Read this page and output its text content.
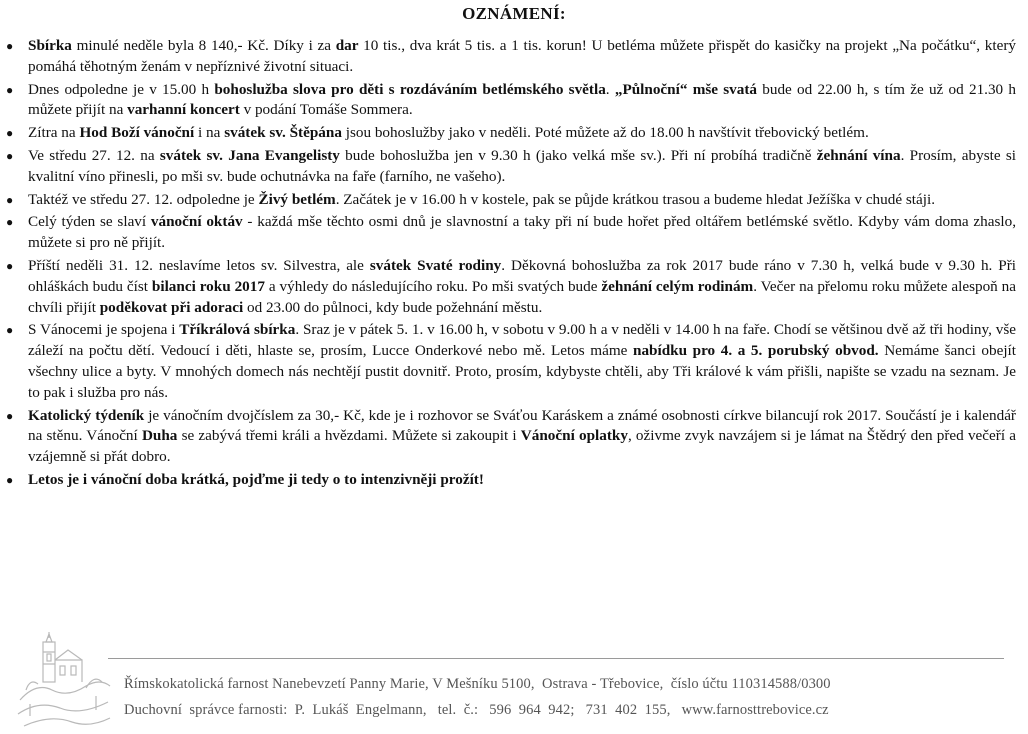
OZNÁMENÍ:
● Sbírka minulé neděle byla 8 140,- Kč. Díky i za dar 10 tis., dva krát 5 tis. a 1 tis. korun! U betléma můžete přispět do kasičky na projekt „Na počátku“, který pomáhá těhotným ženám v nepříznivé životní situaci.
● Dnes odpoledne je v 15.00 h bohoslužba slova pro děti s rozdáváním betlémského světla. „Půlnoční“ mše svatá bude od 22.00 h, s tím že už od 21.30 h můžete přijít na varhanní koncert v podání Tomáše Sommera.
● Zítra na Hod Boží vánoční i na svátek sv. Štěpána jsou bohoslužby jako v neděli. Poté můžete až do 18.00 h navštívit třebovický betlém.
● Ve středu 27. 12. na svátek sv. Jana Evangelisty bude bohoslužba jen v 9.30 h (jako velká mše sv.). Při ní probíhá tradičně žehnání vína. Prosím, abyste si kvalitní víno přinesli, po mši sv. bude ochutnávka na faře (farního, ne vašeho).
● Taktéž ve středu 27. 12. odpoledne je Živý betlém. Začátek je v 16.00 h v kostele, pak se půjde krátkou trasou a budeme hledat Ježíška v chudé stáji.
● Celý týden se slaví vánoční oktáv - každá mše těchto osmi dnů je slavnostní a taky při ní bude hořet před oltářem betlémské světlo. Kdyby vám doma zhaslo, můžete si pro ně přijít.
● Příští neděli 31. 12. neslavíme letos sv. Silvestra, ale svátek Svaté rodiny. Děkovná bohoslužba za rok 2017 bude ráno v 7.30 h, velká bude v 9.30 h. Při ohláškách budu číst bilanci roku 2017 a výhledy do následujícího roku. Po mši svatých bude žehnání celým rodinám. Večer na přelomu roku můžete alespoň na chvíli přijít poděkovat při adoraci od 23.00 do půlnoci, kdy bude požehnání městu.
● S Vánocemi je spojena i Tříkrálová sbírka. Sraz je v pátek 5. 1. v 16.00 h, v sobotu v 9.00 h a v neděli v 14.00 h na faře. Chodí se většinou dvě až tři hodiny, vše záleží na počtu dětí. Vedoucí i děti, hlaste se, prosím, Lucce Onderkové nebo mě. Letos máme nabídku pro 4. a 5. porubský obvod. Nemáme šanci obejít všechny ulice a byty. V mnohých domech nás nechtějí pustit dovnitř. Proto, prosím, kdybyste chtěli, aby Tři králové k vám přišli, napište se vzadu na seznam. Je to pak i služba pro nás.
● Katolický týdeník je vánočním dvojčíslem za 30,- Kč, kde je i rozhovor se Sváťou Karáskem a známé osobnosti církve bilancují rok 2017. Součástí je i kalendář na stěnu. Vánoční Duha se zabývá třemi králi a hvězdami. Můžete si zakoupit i Vánoční oplatky, oživme zvyk navzájem si je lámat na Štědrý den před večeří a vzájemně si přát dobro.
● Letos je i vánoční doba krátká, pojďme ji tedy o to intenzivněji prožít!
Římskokatolická farnost Nanebevzetí Panny Marie, V Mešníku 5100,  Ostrava - Třebovice,  číslo účtu 110314588/0300
Duchovní  správce farnosti:  P.  Lukáš  Engelmann,   tel.  č.:   596  964  942;   731  402  155,   www.farnosttrebovice.cz
